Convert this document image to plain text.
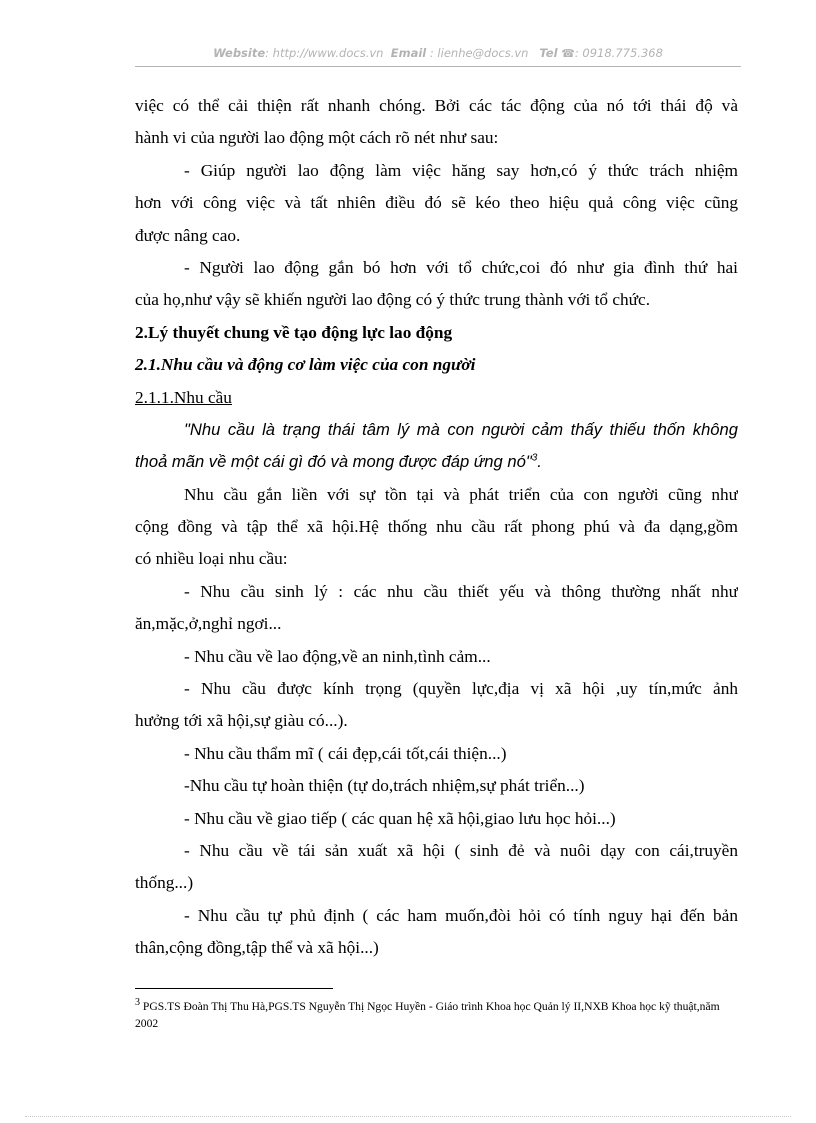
Website: http://www.docs.vn Email : lienhe@docs.vn Tel ☎: 0918.775.368
việc có thể cải thiện rất nhanh chóng. Bởi các tác động của nó tới thái độ và
hành vi của người lao động một cách rõ nét như sau:
- Giúp người lao động làm việc hăng say hơn,có ý thức trách nhiệm
hơn với công việc và tất nhiên điều đó sẽ kéo theo hiệu quả công việc cũng
được nâng cao.
- Người lao động gắn bó hơn với tổ chức,coi đó như gia đình thứ hai
của họ,như vậy sẽ khiến người lao động có ý thức trung thành với tổ chức.
2.Lý thuyết chung về tạo động lực lao động
2.1.Nhu cầu và động cơ làm việc của con người
2.1.1.Nhu cầu
"Nhu cầu là trạng thái tâm lý mà con người cảm thấy thiếu thốn không
thoả mãn về một cái gì đó và mong được đáp ứng nó"$^3$.
Nhu cầu gắn liền với sự tồn tại và phát triển của con người cũng như
cộng đồng và tập thể xã hội.Hệ thống nhu cầu rất phong phú và đa dạng,gồm
có nhiều loại nhu cầu:
- Nhu cầu sinh lý : các nhu cầu thiết yếu và thông thường nhất như
ăn,mặc,ở,nghỉ ngơi...
- Nhu cầu về lao động,về an ninh,tình cảm...
- Nhu cầu được kính trọng (quyền lực,địa vị xã hội ,uy tín,mức ảnh
hưởng tới xã hội,sự giàu có...).
- Nhu cầu thẩm mĩ ( cái đẹp,cái tốt,cái thiện...)
-Nhu cầu tự hoàn thiện (tự do,trách nhiệm,sự phát triển...)
- Nhu cầu về giao tiếp ( các quan hệ xã hội,giao lưu học hỏi...)
- Nhu cầu về tái sản xuất xã hội ( sinh đẻ và nuôi dạy con cái,truyền
thống...)
- Nhu cầu tự phủ định ( các ham muốn,đòi hỏi có tính nguy hại đến bản
thân,cộng đồng,tập thể và xã hội...)
$^3$ PGS.TS Đoàn Thị Thu Hà,PGS.TS Nguyễn Thị Ngọc Huyền - Giáo trình Khoa học Quản lý II,NXB Khoa học kỹ thuật,năm 2002
